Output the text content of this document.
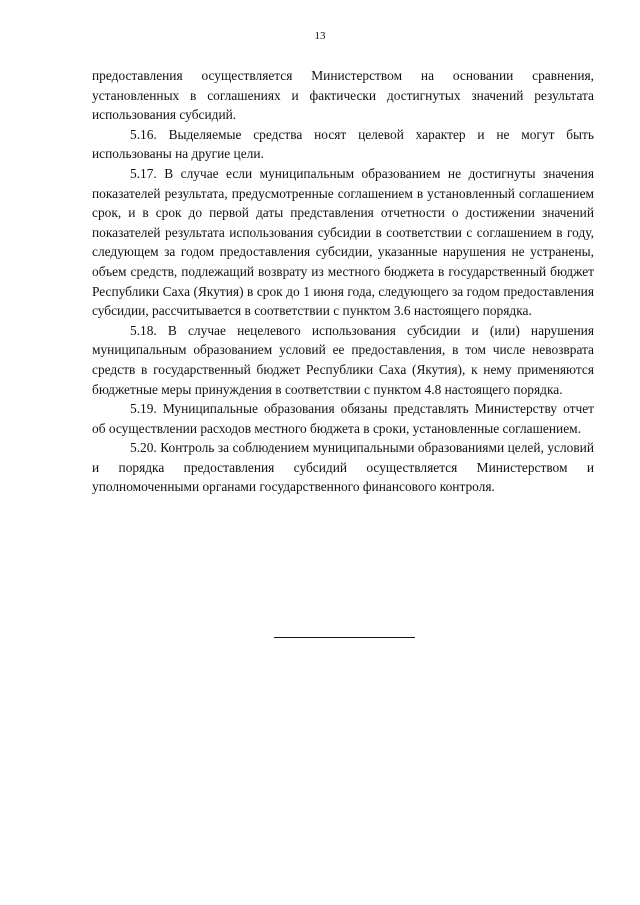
13

предоставления осуществляется Министерством на основании сравнения, установленных в соглашениях и фактически достигнутых значений результата использования субсидий.

5.16. Выделяемые средства носят целевой характер и не могут быть использованы на другие цели.

5.17. В случае если муниципальным образованием не достигнуты значения показателей результата, предусмотренные соглашением в установленный соглашением срок, и в срок до первой даты представления отчетности о достижении значений показателей результата использования субсидии в соответствии с соглашением в году, следующем за годом предоставления субсидии, указанные нарушения не устранены, объем средств, подлежащий возврату из местного бюджета в государственный бюджет Республики Саха (Якутия) в срок до 1 июня года, следующего за годом предоставления субсидии, рассчитывается в соответствии с пунктом 3.6 настоящего порядка.

5.18. В случае нецелевого использования субсидии и (или) нарушения муниципальным образованием условий ее предоставления, в том числе невозврата средств в государственный бюджет Республики Саха (Якутия), к нему применяются бюджетные меры принуждения в соответствии с пунктом 4.8 настоящего порядка.

5.19. Муниципальные образования обязаны представлять Министерству отчет об осуществлении расходов местного бюджета в сроки, установленные соглашением.

5.20. Контроль за соблюдением муниципальными образованиями целей, условий и порядка предоставления субсидий осуществляется Министерством и уполномоченными органами государственного финансового контроля.
